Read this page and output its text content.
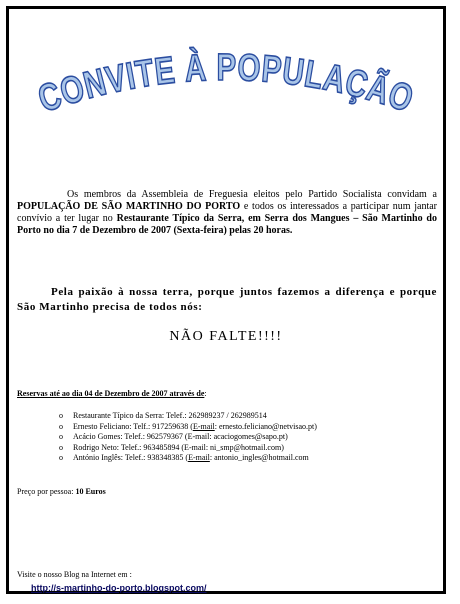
CONVITE À POPULAÇÃO

Os membros da Assembleia de Freguesia eleitos pelo Partido Socialista convidam a POPULAÇÃO DE SÃO MARTINHO DO PORTO e todos os interessados a participar num jantar convívio a ter lugar no Restaurante Típico da Serra, em Serra dos Mangues – São Martinho do Porto no dia 7 de Dezembro de 2007 (Sexta-feira) pelas 20 horas.

Pela paixão à nossa terra, porque juntos fazemos a diferença e porque São Martinho precisa de todos nós:

NÃO FALTE!!!!

Reservas até ao dia 04 de Dezembro de 2007 através de:

o	Restaurante Típico da Serra: Telef.: 262989237 / 262989514
o	Ernesto Feliciano: Telf.: 917259638 (E-mail: ernesto.feliciano@netvisao.pt)
o	Acácio Gomes: Telef.: 962579367 (E-mail: acaciogomes@sapo.pt)
o	Rodrigo Neto: Telef.: 963485894 (E-mail: ni_smp@hotmail.com)
o	António Inglês: Telef.: 938348385 (E-mail: antonio_ingles@hotmail.com

Preço por pessoa: 10 Euros

Visite o nosso Blog na Internet em :

http://s-martinho-do-porto.blogspot.com/
